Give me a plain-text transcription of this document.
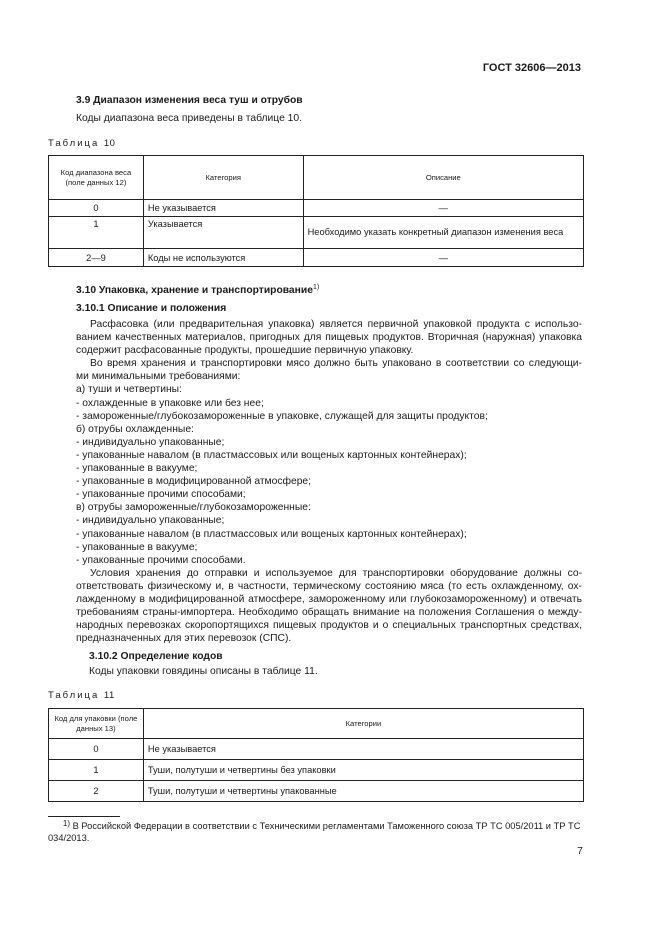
ГОСТ 32606—2013
3.9 Диапазон изменения веса туш и отрубов
Коды диапазона веса приведены в таблице 10.
Таблица 10
Код диапазона веса (поле данных 12)	Категория	Описание
0	Не указывается	—
1	Указывается	Необходимо указать конкретный диапазон изменения веса
2—9	Коды не используются	—
3.10 Упаковка, хранение и транспортирование$^{1)}$
3.10.1 Описание и положения
Расфасовка (или предварительная упаковка) является первичной упаковкой продукта с использо-
ванием качественных материалов, пригодных для пищевых продуктов. Вторичная (наружная) упаковка
содержит расфасованные продукты, прошедшие первичную упаковку.
Во время хранения и транспортировки мясо должно быть упаковано в соответствии со следующи-
ми минимальными требованиями:
а) туши и четвертины:
- охлажденные в упаковке или без нее;
- замороженные/глубокозамороженные в упаковке, служащей для защиты продуктов;
б) отрубы охлажденные:
- индивидуально упакованные;
- упакованные навалом (в пластмассовых или вощеных картонных контейнерах);
- упакованные в вакууме;
- упакованные в модифицированной атмосфере;
- упакованные прочими способами;
в) отрубы замороженные/глубокозамороженные:
- индивидуально упакованные;
- упакованные навалом (в пластмассовых или вощеных картонных контейнерах);
- упакованные в вакууме;
- упакованные прочими способами.
Условия хранения до отправки и используемое для транспортировки оборудование должны со-
ответствовать физическому и, в частности, термическому состоянию мяса (то есть охлажденному, ох-
лажденному в модифицированной атмосфере, замороженному или глубокозамороженному) и отвечать
требованиям страны-импортера. Необходимо обращать внимание на положения Соглашения о между-
народных перевозках скоропортящихся пищевых продуктов и о специальных транспортных средствах,
предназначенных для этих перевозок (СПС).
3.10.2 Определение кодов
Коды упаковки говядины описаны в таблице 11.
Таблица 11
Код для упаковки (поле данных 13)	Категории
0	Не указывается
1	Туши, полутуши и четвертины без упаковки
2	Туши, полутуши и четвертины упакованные
1) В Российской Федерации в соответствии с Техническими регламентами Таможенного союза ТР ТС 005/2011 и ТР ТС 034/2013.
7
